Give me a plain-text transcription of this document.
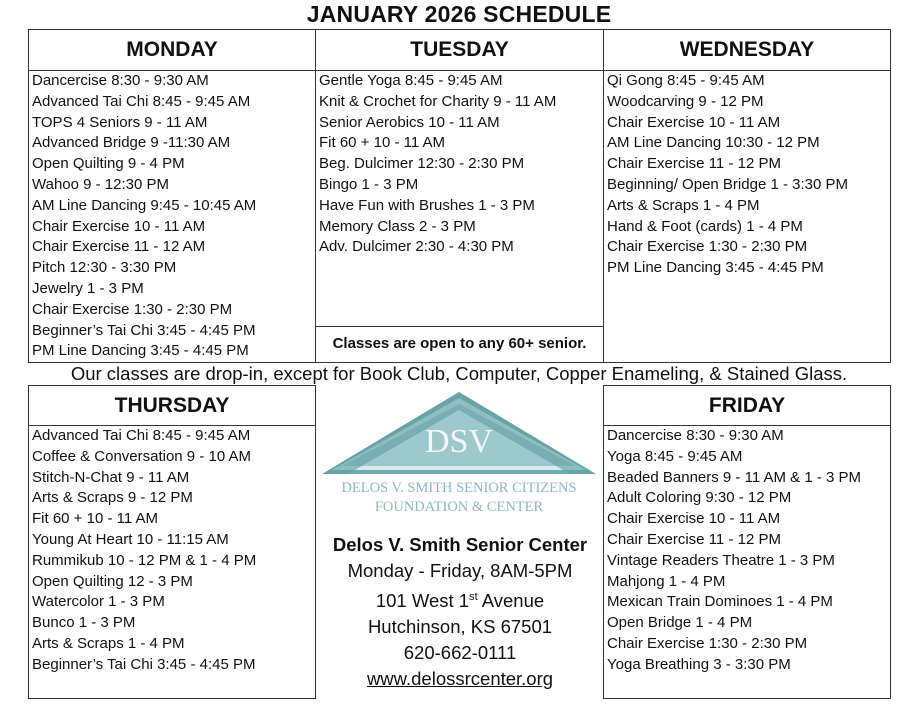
JANUARY 2026 SCHEDULE
MONDAY
Dancercise 8:30 - 9:30 AM
Advanced Tai Chi 8:45 - 9:45 AM
TOPS 4 Seniors 9 - 11 AM
Advanced Bridge 9 -11:30 AM
Open Quilting 9 - 4 PM
Wahoo 9 - 12:30 PM
AM Line Dancing 9:45 - 10:45 AM
Chair Exercise 10 - 11 AM
Chair Exercise 11 - 12 AM
Pitch 12:30 - 3:30 PM
Jewelry 1 - 3 PM
Chair Exercise 1:30 - 2:30 PM
Beginner’s Tai Chi 3:45 - 4:45 PM
PM Line Dancing 3:45 - 4:45 PM
TUESDAY
Gentle Yoga 8:45 - 9:45 AM
Knit & Crochet for Charity 9 - 11 AM
Senior Aerobics 10 - 11 AM
Fit 60 + 10 - 11 AM
Beg. Dulcimer 12:30 - 2:30 PM
Bingo 1 - 3 PM
Have Fun with Brushes 1 - 3 PM
Memory Class 2 - 3 PM
Adv. Dulcimer 2:30 - 4:30 PM
Classes are open to any 60+ senior.
WEDNESDAY
Qi Gong 8:45 - 9:45 AM
Woodcarving 9 - 12 PM
Chair Exercise 10 - 11 AM
AM Line Dancing 10:30 - 12 PM
Chair Exercise 11 - 12 PM
Beginning/ Open Bridge 1 - 3:30 PM
Arts & Scraps 1 - 4 PM
Hand & Foot (cards) 1 - 4 PM
Chair Exercise 1:30 - 2:30 PM
PM Line Dancing 3:45 - 4:45 PM
Our classes are drop-in, except for Book Club, Computer, Copper Enameling, & Stained Glass.
THURSDAY
Advanced Tai Chi 8:45 - 9:45 AM
Coffee & Conversation 9 - 10 AM
Stitch-N-Chat 9 - 11 AM
Arts & Scraps 9 - 12 PM
Fit 60 + 10 - 11 AM
Young At Heart 10 - 11:15 AM
Rummikub 10 - 12 PM & 1 - 4 PM
Open Quilting 12 - 3 PM
Watercolor 1 - 3 PM
Bunco 1 - 3 PM
Arts & Scraps 1 - 4 PM
Beginner’s Tai Chi 3:45 - 4:45 PM
DSV
DELOS V. SMITH SENIOR CITIZENS
FOUNDATION & CENTER
Delos V. Smith Senior Center
Monday - Friday, 8AM-5PM
101 West 1st Avenue
Hutchinson, KS 67501
620-662-0111
www.delossrcenter.org
FRIDAY
Dancercise 8:30 - 9:30 AM
Yoga 8:45 - 9:45 AM
Beaded Banners 9 - 11 AM & 1 - 3 PM
Adult Coloring 9:30 - 12 PM
Chair Exercise 10 - 11 AM
Chair Exercise 11 - 12 PM
Vintage Readers Theatre 1 - 3 PM
Mahjong 1 - 4 PM
Mexican Train Dominoes 1 - 4 PM
Open Bridge 1 - 4 PM
Chair Exercise 1:30 - 2:30 PM
Yoga Breathing 3 - 3:30 PM
